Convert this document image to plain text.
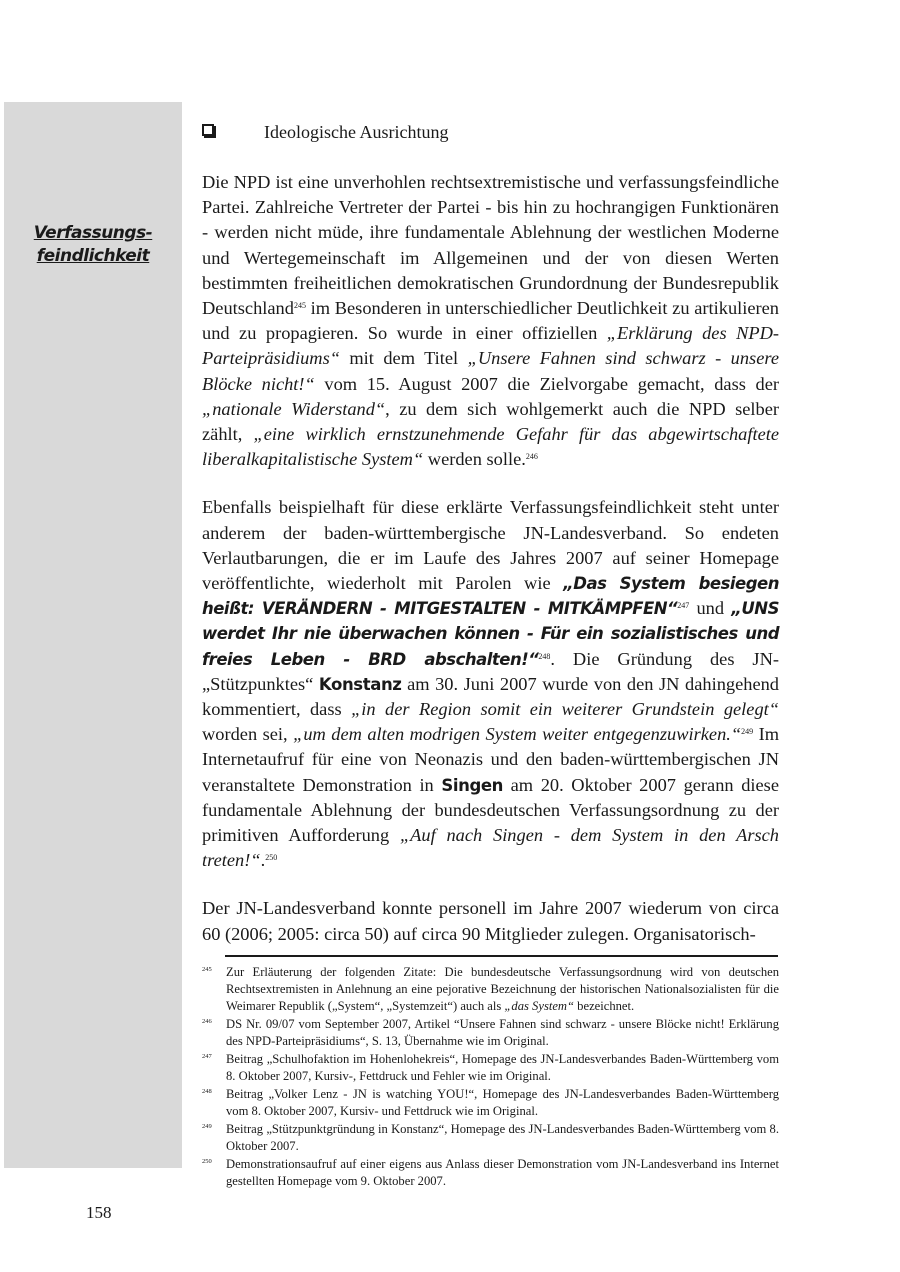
Verfassungs-
feindlichkeit
Ideologische Ausrichtung

Die NPD ist eine unverhohlen rechtsextremistische und verfassungsfeindliche Partei. Zahlreiche Vertreter der Partei - bis hin zu hochrangigen Funktionären - werden nicht müde, ihre fundamentale Ablehnung der westlichen Moderne und Wertegemeinschaft im Allgemeinen und der von diesen Werten bestimmten freiheitlichen demokratischen Grundordnung der Bundesrepublik Deutschland$^{245}$ im Besonderen in unterschiedlicher Deutlichkeit zu artikulieren und zu propagieren. So wurde in einer offiziellen „Erklärung des NPD-Parteipräsidiums“ mit dem Titel „Unsere Fahnen sind schwarz - unsere Blöcke nicht!“ vom 15. August 2007 die Zielvorgabe gemacht, dass der „nationale Widerstand“, zu dem sich wohlgemerkt auch die NPD selber zählt, „eine wirklich ernstzunehmende Gefahr für das abgewirtschaftete liberalkapitalistische System“ werden solle.$^{246}$

Ebenfalls beispielhaft für diese erklärte Verfassungsfeindlichkeit steht unter anderem der baden-württembergische JN-Landesverband. So endeten Verlautbarungen, die er im Laufe des Jahres 2007 auf seiner Homepage veröffentlichte, wiederholt mit Parolen wie „Das System besiegen heißt: VERÄNDERN - MITGESTALTEN - MITKÄMPFEN“$^{247}$ und „UNS werdet Ihr nie überwachen können - Für ein sozialistisches und freies Leben - BRD abschalten!“$^{248}$. Die Gründung des JN-„Stützpunktes“ Konstanz am 30. Juni 2007 wurde von den JN dahingehend kommentiert, dass „in der Region somit ein weiterer Grundstein gelegt“ worden sei, „um dem alten modrigen System weiter entgegenzuwirken.“$^{249}$ Im Internetaufruf für eine von Neonazis und den baden-württembergischen JN veranstaltete Demonstration in Singen am 20. Oktober 2007 gerann diese fundamentale Ablehnung der bundesdeutschen Verfassungsordnung zu der primitiven Aufforderung „Auf nach Singen - dem System in den Arsch treten!“.$^{250}$

Der JN-Landesverband konnte personell im Jahre 2007 wiederum von circa 60 (2006; 2005: circa 50) auf circa 90 Mitglieder zulegen. Organisatorisch-

245 Zur Erläuterung der folgenden Zitate: Die bundesdeutsche Verfassungsordnung wird von deutschen Rechtsextremisten in Anlehnung an eine pejorative Bezeichnung der historischen Nationalsozialisten für die Weimarer Republik („System“, „Systemzeit“) auch als „das System“ bezeichnet.
246 DS Nr. 09/07 vom September 2007, Artikel “Unsere Fahnen sind schwarz - unsere Blöcke nicht! Erklärung des NPD-Parteipräsidiums“, S. 13, Übernahme wie im Original.
247 Beitrag „Schulhofaktion im Hohenlohekreis“, Homepage des JN-Landesverbandes Baden-Württemberg vom 8. Oktober 2007, Kursiv-, Fettdruck und Fehler wie im Original.
248 Beitrag „Volker Lenz - JN is watching YOU!“, Homepage des JN-Landesverbandes Baden-Württemberg vom 8. Oktober 2007, Kursiv- und Fettdruck wie im Original.
249 Beitrag „Stützpunktgründung in Konstanz“, Homepage des JN-Landesverbandes Baden-Württemberg vom 8. Oktober 2007.
250 Demonstrationsaufruf auf einer eigens aus Anlass dieser Demonstration vom JN-Landesverband ins Internet gestellten Homepage vom 9. Oktober 2007.
158
